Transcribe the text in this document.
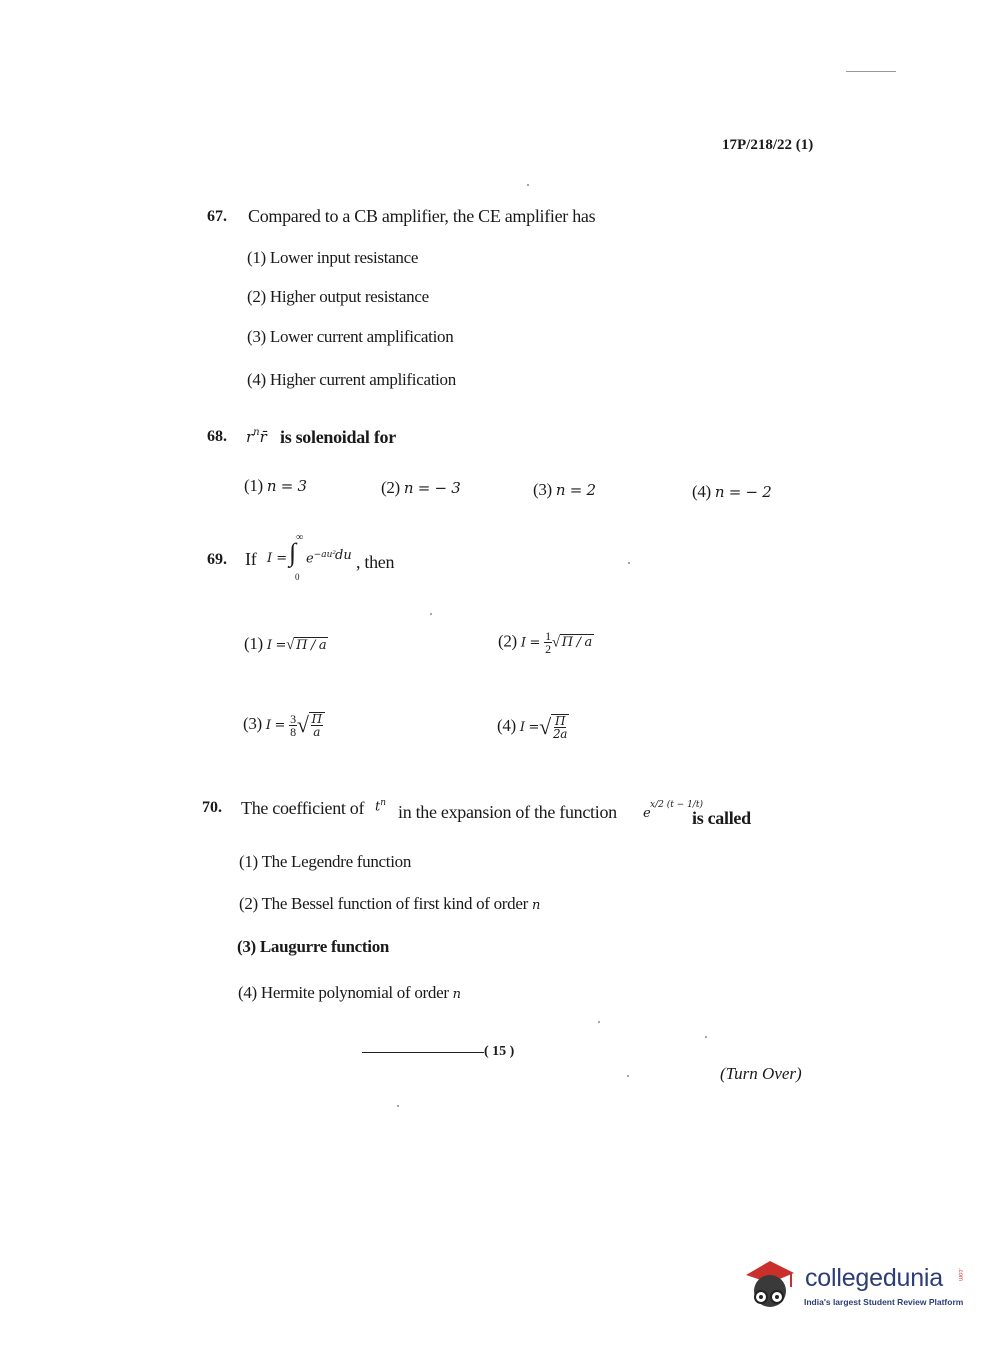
17P/218/22 (1)
67. Compared to a CB amplifier, the CE amplifier has
(1) Lower input resistance
(2) Higher output resistance
(3) Lower current amplification
(4) Higher current amplification
68. $r^nr̄$ is solenoidal for
(1) n = 3	(2) n = − 3	(3) n = 2	(4) n = − 2
69. If I =
∞
∫
0
$e^{-au^2}$
du , then
(1) I =√ Π / a	(2) $I = \frac{1}{2}$ √ Π / a
(3) $I = \frac{3}{8}$ √ $\frac{\Pi}{a}$	(4) I =√ $\frac{\Pi}{2a}$
70. The coefficient of $t^n$ in the expansion of the function e
x/2 (t − 1/t)
is called
(1) The Legendre function
(2) The Bessel function of first kind of order n
(3) Laugurre function
(4) Hermite polynomial of order n
( 15 )
(Turn Over)
collegedunia .com
India's largest Student Review Platform
